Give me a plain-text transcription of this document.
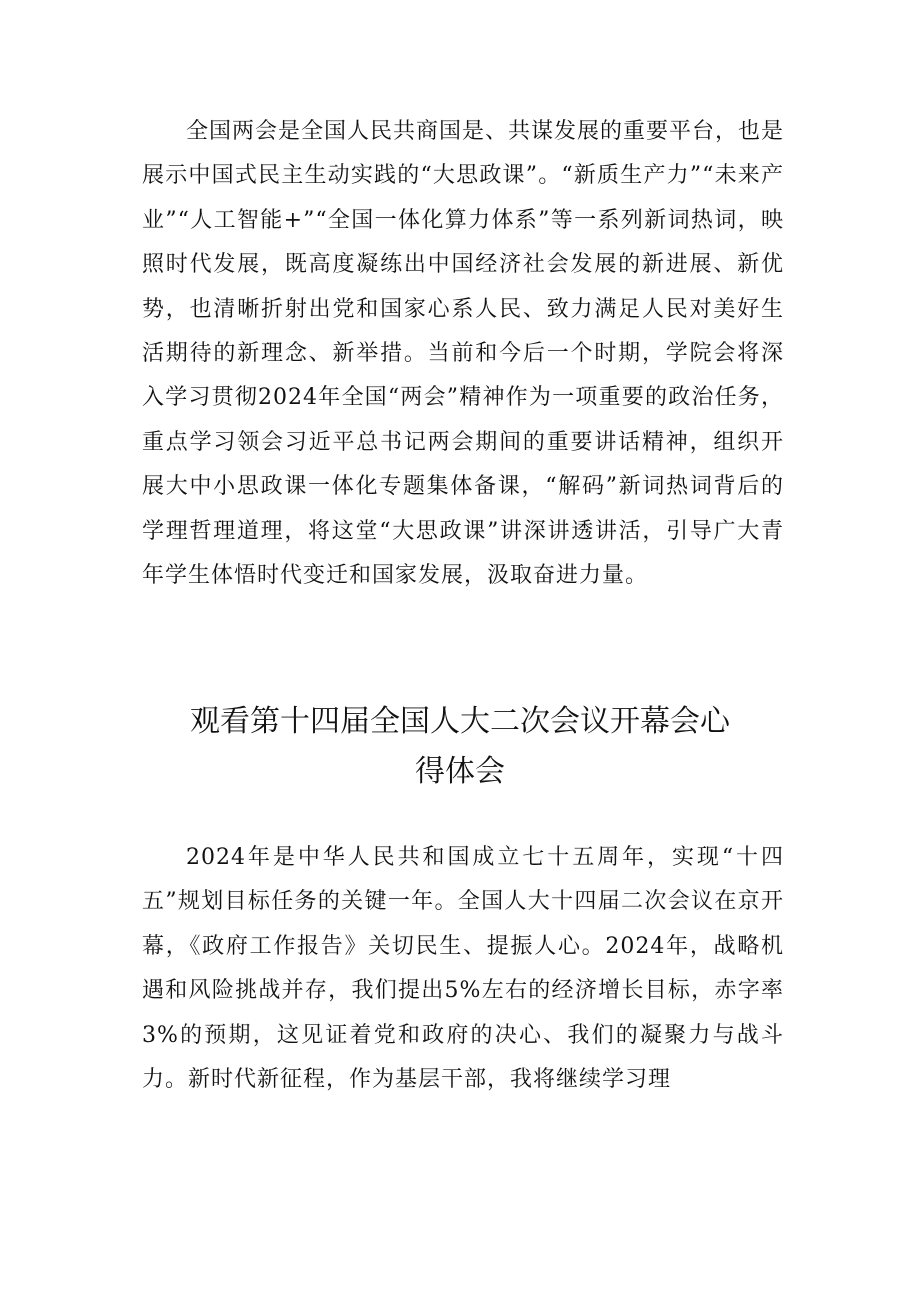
全国两会是全国人民共商国是、共谋发展的重要平台，也是展示中国式民主生动实践的“大思政课”。“新质生产力”“未来产业”“人工智能+”“全国一体化算力体系”等一系列新词热词，映照时代发展，既高度凝练出中国经济社会发展的新进展、新优势，也清晰折射出党和国家心系人民、致力满足人民对美好生活期待的新理念、新举措。当前和今后一个时期，学院会将深入学习贯彻2024年全国“两会”精神作为一项重要的政治任务，重点学习领会习近平总书记两会期间的重要讲话精神，组织开展大中小思政课一体化专题集体备课，“解码”新词热词背后的学理哲理道理，将这堂“大思政课”讲深讲透讲活，引导广大青年学生体悟时代变迁和国家发展，汲取奋进力量。

观看第十四届全国人大二次会议开幕会心
得体会

2024年是中华人民共和国成立七十五周年，实现“十四五”规划目标任务的关键一年。全国人大十四届二次会议在京开幕，《政府工作报告》关切民生、提振人心。2024年，战略机遇和风险挑战并存，我们提出5%左右的经济增长目标，赤字率3%的预期，这见证着党和政府的决心、我们的凝聚力与战斗力。新时代新征程，作为基层干部，我将继续学习理
